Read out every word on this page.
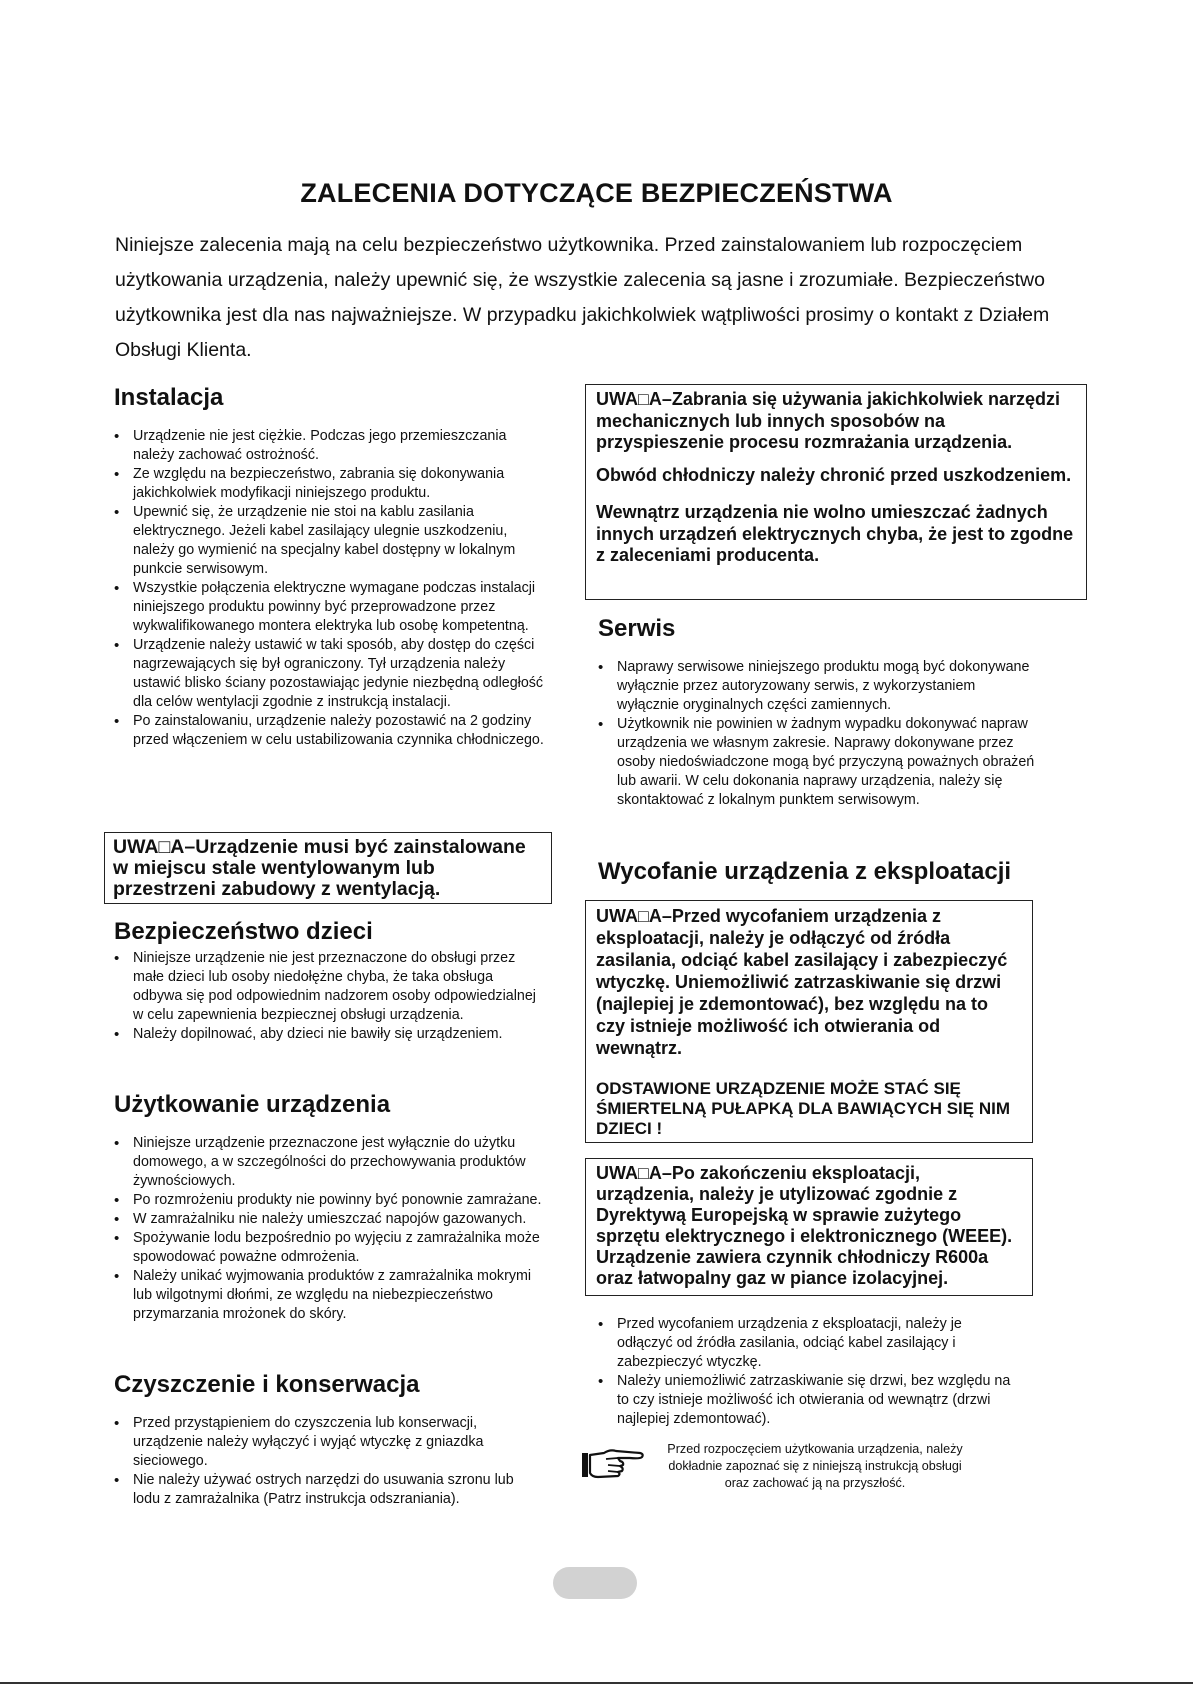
ZALECENIA DOTYCZĄCE BEZPIECZEŃSTWA

Niniejsze zalecenia mają na celu bezpieczeństwo użytkownika. Przed zainstalowaniem lub rozpoczęciem użytkowania urządzenia, należy upewnić się, że wszystkie zalecenia są jasne i zrozumiałe. Bezpieczeństwo użytkownika jest dla nas najważniejsze. W przypadku jakichkolwiek wątpliwości prosimy o kontakt z Działem Obsługi Klienta.

Instalacja
• Urządzenie nie jest ciężkie. Podczas jego przemieszczania należy zachować ostrożność.
• Ze względu na bezpieczeństwo, zabrania się dokonywania jakichkolwiek modyfikacji niniejszego produktu.
• Upewnić się, że urządzenie nie stoi na kablu zasilania elektrycznego. Jeżeli kabel zasilający ulegnie uszkodzeniu, należy go wymienić na specjalny kabel dostępny w lokalnym punkcie serwisowym.
• Wszystkie połączenia elektryczne wymagane podczas instalacji niniejszego produktu powinny być przeprowadzone przez wykwalifikowanego montera elektryka lub osobę kompetentną.
• Urządzenie należy ustawić w taki sposób, aby dostęp do części nagrzewających się był ograniczony. Tył urządzenia należy ustawić blisko ściany pozostawiając jedynie niezbędną odległość dla celów wentylacji zgodnie z instrukcją instalacji.
• Po zainstalowaniu, urządzenie należy pozostawić na 2 godziny przed włączeniem w celu ustabilizowania czynnika chłodniczego.

UWA□A–Urządzenie musi być zainstalowane w miejscu stale wentylowanym lub przestrzeni zabudowy z wentylacją.

Bezpieczeństwo dzieci
• Niniejsze urządzenie nie jest przeznaczone do obsługi przez małe dzieci lub osoby niedołężne chyba, że taka obsługa odbywa się pod odpowiednim nadzorem osoby odpowiedzialnej w celu zapewnienia bezpiecznej obsługi urządzenia.
• Należy dopilnować, aby dzieci nie bawiły się urządzeniem.
Użytkowanie urządzenia
• Niniejsze urządzenie przeznaczone jest wyłącznie do użytku domowego, a w szczególności do przechowywania produktów żywnościowych.
• Po rozmrożeniu produkty nie powinny być ponownie zamrażane.
• W zamrażalniku nie należy umieszczać napojów gazowanych.
• Spożywanie lodu bezpośrednio po wyjęciu z zamrażalnika może spowodować poważne odmrożenia.
• Należy unikać wyjmowania produktów z zamrażalnika mokrymi lub wilgotnymi dłońmi, ze względu na niebezpieczeństwo przymarzania mrożonek do skóry.
Czyszczenie i konserwacja
• Przed przystąpieniem do czyszczenia lub konserwacji, urządzenie należy wyłączyć i wyjąć wtyczkę z gniazdka sieciowego.
• Nie należy używać ostrych narzędzi do usuwania szronu lub lodu z zamrażalnika (Patrz instrukcja odszraniania).

UWA□A–Zabrania się używania jakichkolwiek narzędzi mechanicznych lub innych sposobów na przyspieszenie procesu rozmrażania urządzenia.

Obwód chłodniczy należy chronić przed uszkodzeniem.

Wewnątrz urządzenia nie wolno umieszczać żadnych innych urządzeń elektrycznych chyba, że jest to zgodne z zaleceniami producenta.

Serwis
• Naprawy serwisowe niniejszego produktu mogą być dokonywane wyłącznie przez autoryzowany serwis, z wykorzystaniem wyłącznie oryginalnych części zamiennych.
• Użytkownik nie powinien w żadnym wypadku dokonywać napraw urządzenia we własnym zakresie. Naprawy dokonywane przez osoby niedoświadczone mogą być przyczyną poważnych obrażeń lub awarii. W celu dokonania naprawy urządzenia, należy się skontaktować z lokalnym punktem serwisowym.
Wycofanie urządzenia z eksploatacji

UWA□A–Przed wycofaniem urządzenia z eksploatacji, należy je odłączyć od źródła zasilania, odciąć kabel zasilający i zabezpieczyć wtyczkę. Uniemożliwić zatrzaskiwanie się drzwi (najlepiej je zdemontować), bez względu na to czy istnieje możliwość ich otwierania od wewnątrz.

ODSTAWIONE URZĄDZENIE MOŻE STAĆ SIĘ ŚMIERTELNĄ PUŁAPKĄ DLA BAWIĄCYCH SIĘ NIM DZIECI !

UWA□A–Po zakończeniu eksploatacji, urządzenia, należy je utylizować zgodnie z Dyrektywą Europejską w sprawie zużytego sprzętu elektrycznego i elektronicznego (WEEE). Urządzenie zawiera czynnik chłodniczy R600a oraz łatwopalny gaz w piance izolacyjnej.

• Przed wycofaniem urządzenia z eksploatacji, należy je odłączyć od źródła zasilania, odciąć kabel zasilający i zabezpieczyć wtyczkę.
• Należy uniemożliwić zatrzaskiwanie się drzwi, bez względu na to czy istnieje możliwość ich otwierania od wewnątrz (drzwi najlepiej zdemontować).

Przed rozpoczęciem użytkowania urządzenia, należy dokładnie zapoznać się z niniejszą instrukcją obsługi oraz zachować ją na przyszłość.
